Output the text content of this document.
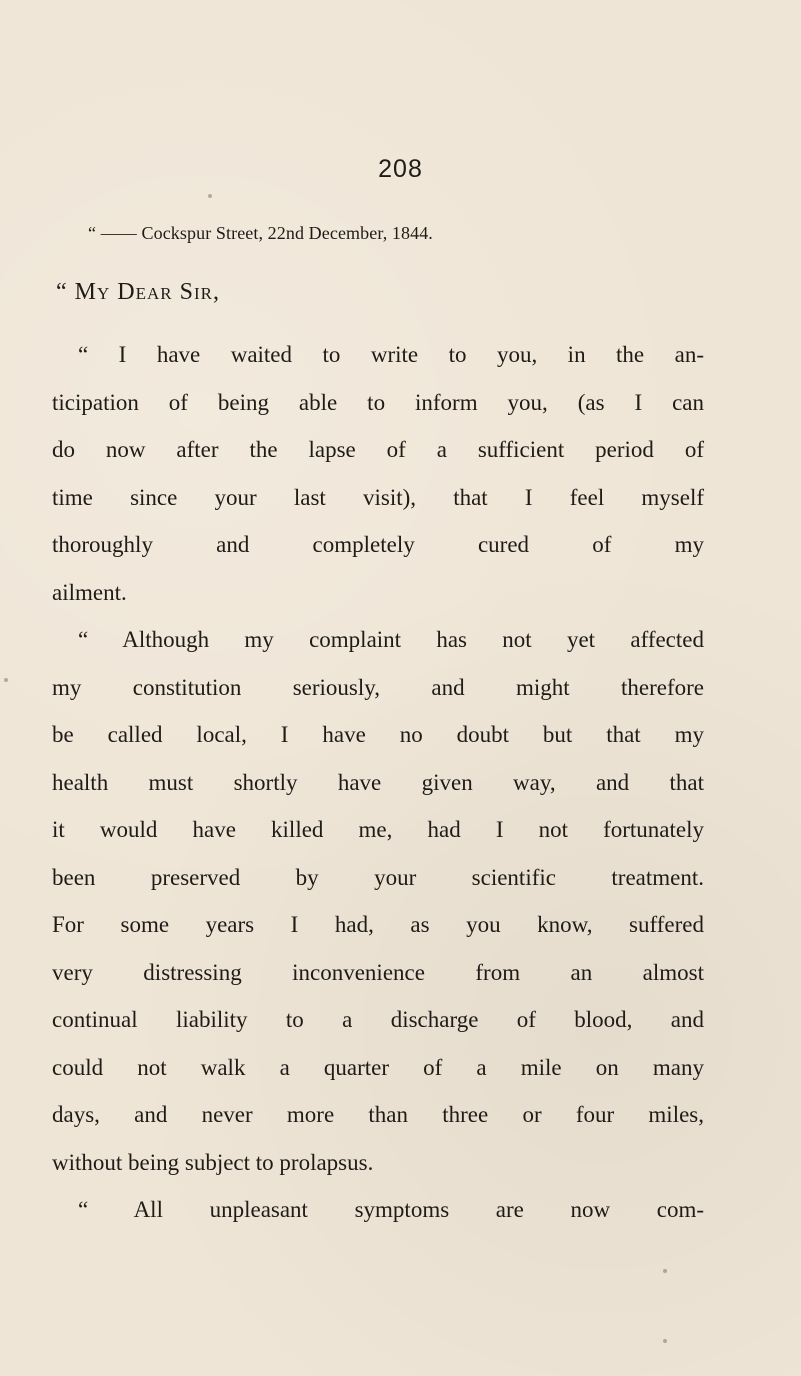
208
“ —— Cockspur Street, 22nd December, 1844.
“ My Dear Sir,
“ I have waited to write to you, in the an-
ticipation of being able to inform you, (as I can
do now after the lapse of a sufficient period of
time since your last visit), that I feel myself
thoroughly and completely cured of my
ailment.
“ Although my complaint has not yet affected
my constitution seriously, and might therefore
be called local, I have no doubt but that my
health must shortly have given way, and that
it would have killed me, had I not fortunately
been preserved by your scientific treatment.
For some years I had, as you know, suffered
very distressing inconvenience from an almost
continual liability to a discharge of blood, and
could not walk a quarter of a mile on many
days, and never more than three or four miles,
without being subject to prolapsus.
“ All unpleasant symptoms are now com-
